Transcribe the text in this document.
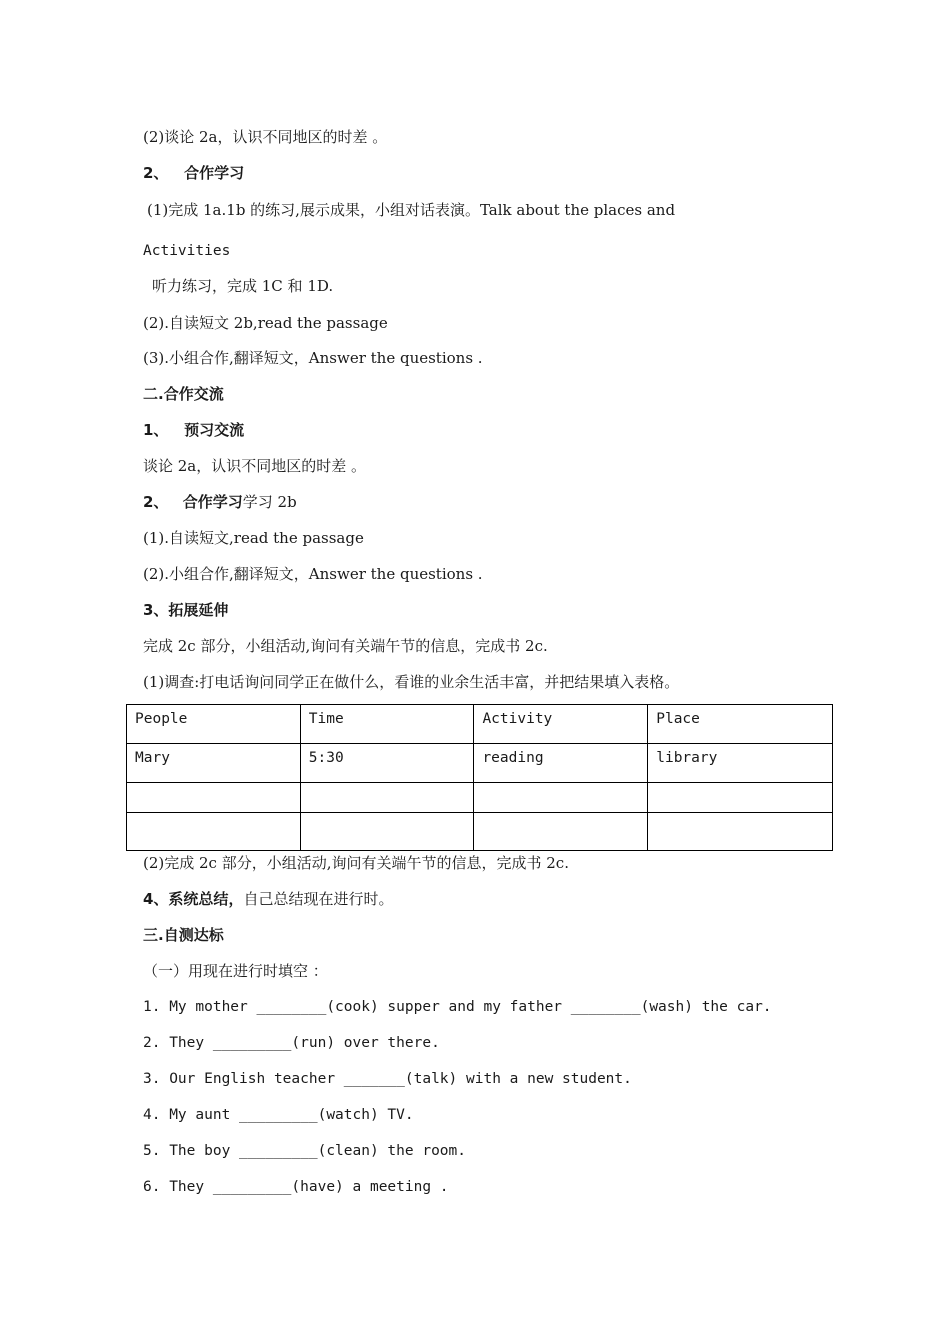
(2)谈论 2a，认识不同地区的时差 。
2、 合作学习
(1)完成 1a.1b 的练习,展示成果，小组对话表演。Talk about the places and
Activities
听力练习，完成 1C 和 1D.
(2).自读短文 2b,read the passage
(3).小组合作,翻译短文，Answer the questions .
二.合作交流
1、 预习交流
谈论 2a，认识不同地区的时差 。
2、 合作学习学习 2b
(1).自读短文,read the passage
(2).小组合作,翻译短文，Answer the questions .
3、拓展延伸
完成 2c 部分，小组活动,询问有关端午节的信息，完成书 2c.
(1)调查:打电话询问同学正在做什么，看谁的业余生活丰富，并把结果填入表格。
People	Time	Activity	Place
Mary	5:30	reading	library

(2)完成 2c 部分，小组活动,询问有关端午节的信息，完成书 2c.
4、系统总结，自己总结现在进行时。
三.自测达标
（一）用现在进行时填空 ：
1. My mother ________(cook) supper and my father ________(wash) the car.
2. They _________(run) over there.
3. Our English teacher _______(talk) with a new student.
4. My aunt _________(watch) TV.
5. The boy _________(clean) the room.
6. They _________(have) a meeting .
